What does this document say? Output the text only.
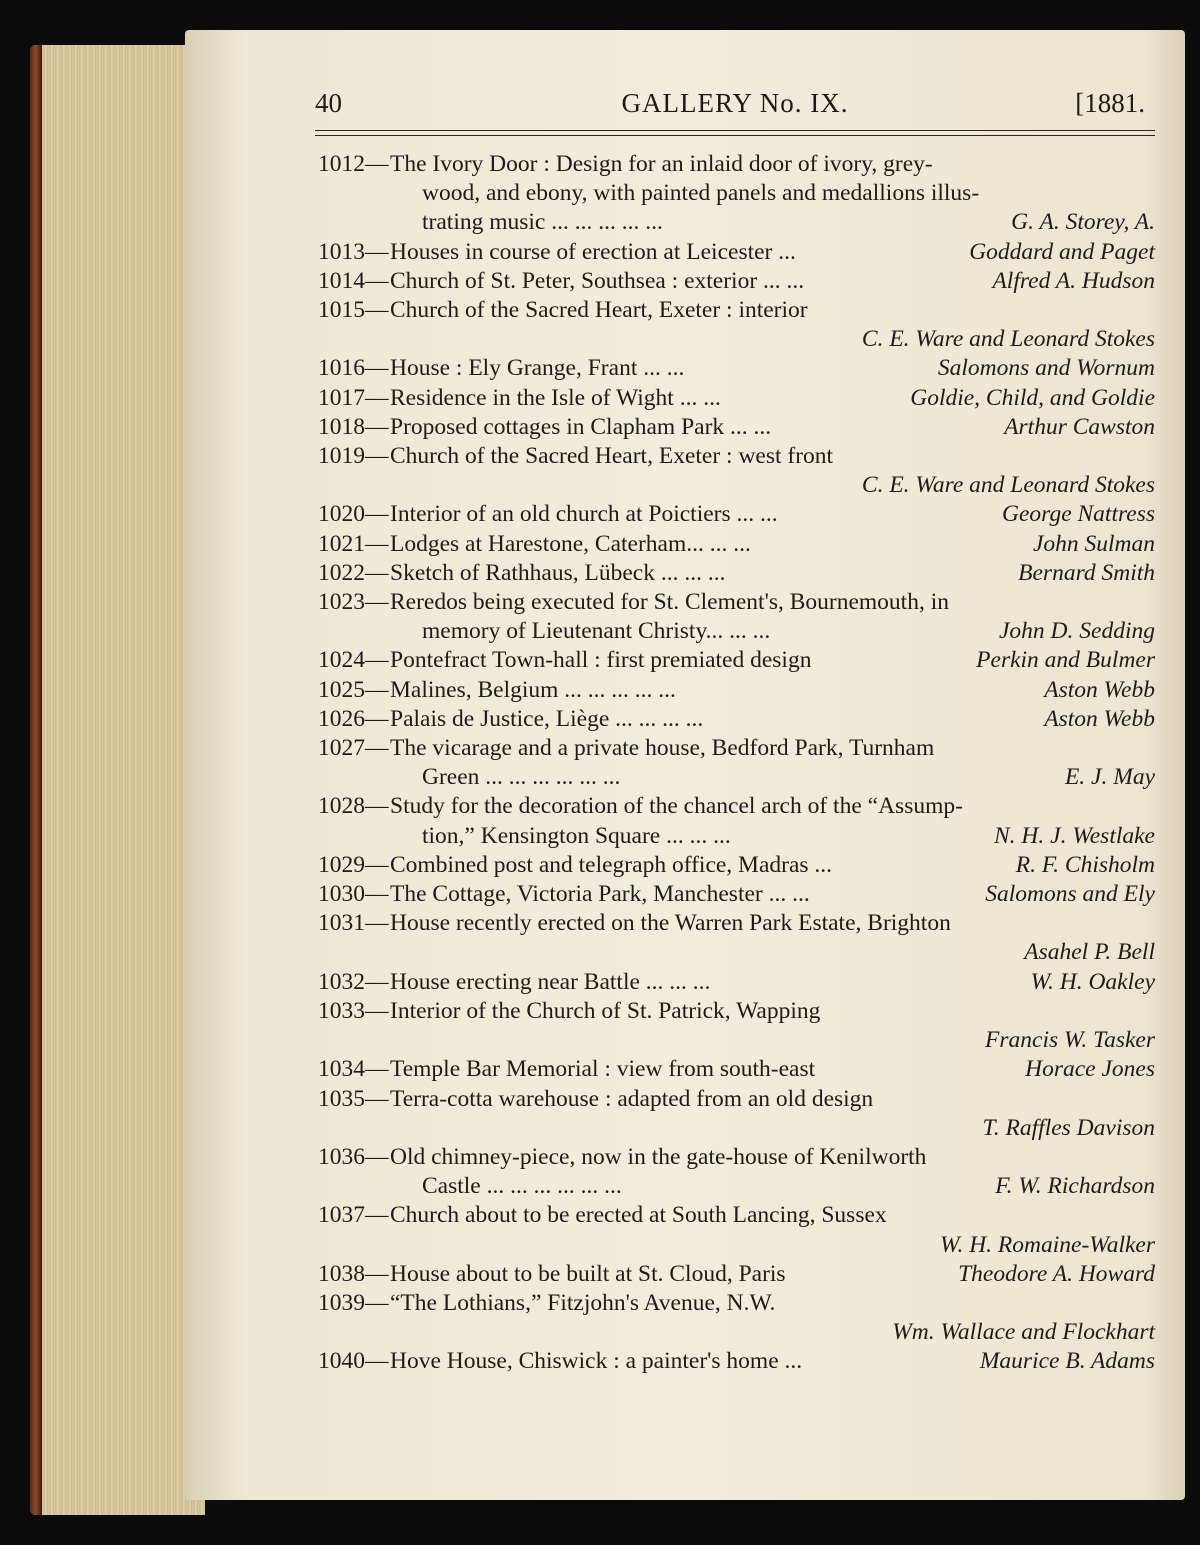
40	GALLERY No. IX.	[1881.
1012—The Ivory Door : Design for an inlaid door of ivory, grey-
wood, and ebony, with painted panels and medallions illus-
trating music ... ... ... ... ...	G. A. Storey, A.
1013—Houses in course of erection at Leicester ...	Goddard and Paget
1014—Church of St. Peter, Southsea : exterior ... ...	Alfred A. Hudson
1015—Church of the Sacred Heart, Exeter : interior
C. E. Ware and Leonard Stokes
1016—House : Ely Grange, Frant ... ...	Salomons and Wornum
1017—Residence in the Isle of Wight ... ...	Goldie, Child, and Goldie
1018—Proposed cottages in Clapham Park ... ...	Arthur Cawston
1019—Church of the Sacred Heart, Exeter : west front
C. E. Ware and Leonard Stokes
1020—Interior of an old church at Poictiers ... ...	George Nattress
1021—Lodges at Harestone, Caterham... ... ...	John Sulman
1022—Sketch of Rathhaus, Lübeck ... ... ...	Bernard Smith
1023—Reredos being executed for St. Clement's, Bournemouth, in
memory of Lieutenant Christy... ... ...	John D. Sedding
1024—Pontefract Town-hall : first premiated design	Perkin and Bulmer
1025—Malines, Belgium ... ... ... ... ...	Aston Webb
1026—Palais de Justice, Liège ... ... ... ...	Aston Webb
1027—The vicarage and a private house, Bedford Park, Turnham
Green ... ... ... ... ... ...	E. J. May
1028—Study for the decoration of the chancel arch of the “Assump-
tion,” Kensington Square ... ... ...	N. H. J. Westlake
1029—Combined post and telegraph office, Madras ...	R. F. Chisholm
1030—The Cottage, Victoria Park, Manchester ... ...	Salomons and Ely
1031—House recently erected on the Warren Park Estate, Brighton
Asahel P. Bell
1032—House erecting near Battle ... ... ...	W. H. Oakley
1033—Interior of the Church of St. Patrick, Wapping
Francis W. Tasker
1034—Temple Bar Memorial : view from south-east	Horace Jones
1035—Terra-cotta warehouse : adapted from an old design
T. Raffles Davison
1036—Old chimney-piece, now in the gate-house of Kenilworth
Castle ... ... ... ... ... ...	F. W. Richardson
1037—Church about to be erected at South Lancing, Sussex
W. H. Romaine-Walker
1038—House about to be built at St. Cloud, Paris	Theodore A. Howard
1039—“The Lothians,” Fitzjohn's Avenue, N.W.
Wm. Wallace and Flockhart
1040—Hove House, Chiswick : a painter's home ...	Maurice B. Adams
